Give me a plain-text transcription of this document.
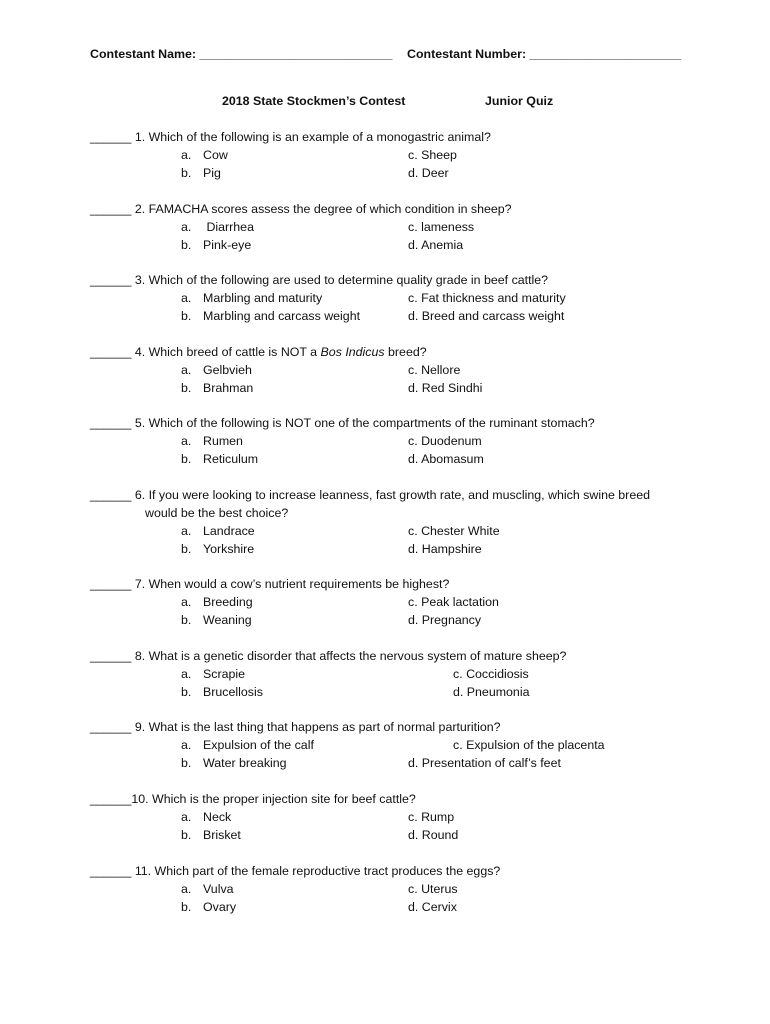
Contestant Name: ____________________________ Contestant Number: ______________________
2018 State Stockmen’s Contest	Junior Quiz
______ 1. Which of the following is an example of a monogastric animal?
a. Cow	c. Sheep
b. Pig	d. Deer
______ 2. FAMACHA scores assess the degree of which condition in sheep?
a. Diarrhea	c. lameness
b. Pink-eye	d. Anemia
______ 3. Which of the following are used to determine quality grade in beef cattle?
a. Marbling and maturity	c. Fat thickness and maturity
b. Marbling and carcass weight	d. Breed and carcass weight
______ 4. Which breed of cattle is NOT a Bos Indicus breed?
a. Gelbvieh	c. Nellore
b. Brahman	d. Red Sindhi
______ 5. Which of the following is NOT one of the compartments of the ruminant stomach?
a. Rumen	c. Duodenum
b. Reticulum	d. Abomasum
______ 6. If you were looking to increase leanness, fast growth rate, and muscling, which swine breed
would be the best choice?
a. Landrace	c. Chester White
b. Yorkshire	d. Hampshire
______ 7. When would a cow’s nutrient requirements be highest?
a. Breeding	c. Peak lactation
b. Weaning	d. Pregnancy
______ 8. What is a genetic disorder that affects the nervous system of mature sheep?
a. Scrapie	c. Coccidiosis
b. Brucellosis	d. Pneumonia
______ 9. What is the last thing that happens as part of normal parturition?
a. Expulsion of the calf	c. Expulsion of the placenta
b. Water breaking	d. Presentation of calf’s feet
______10. Which is the proper injection site for beef cattle?
a. Neck	c. Rump
b. Brisket	d. Round
______ 11. Which part of the female reproductive tract produces the eggs?
a. Vulva	c. Uterus
b. Ovary	d. Cervix
